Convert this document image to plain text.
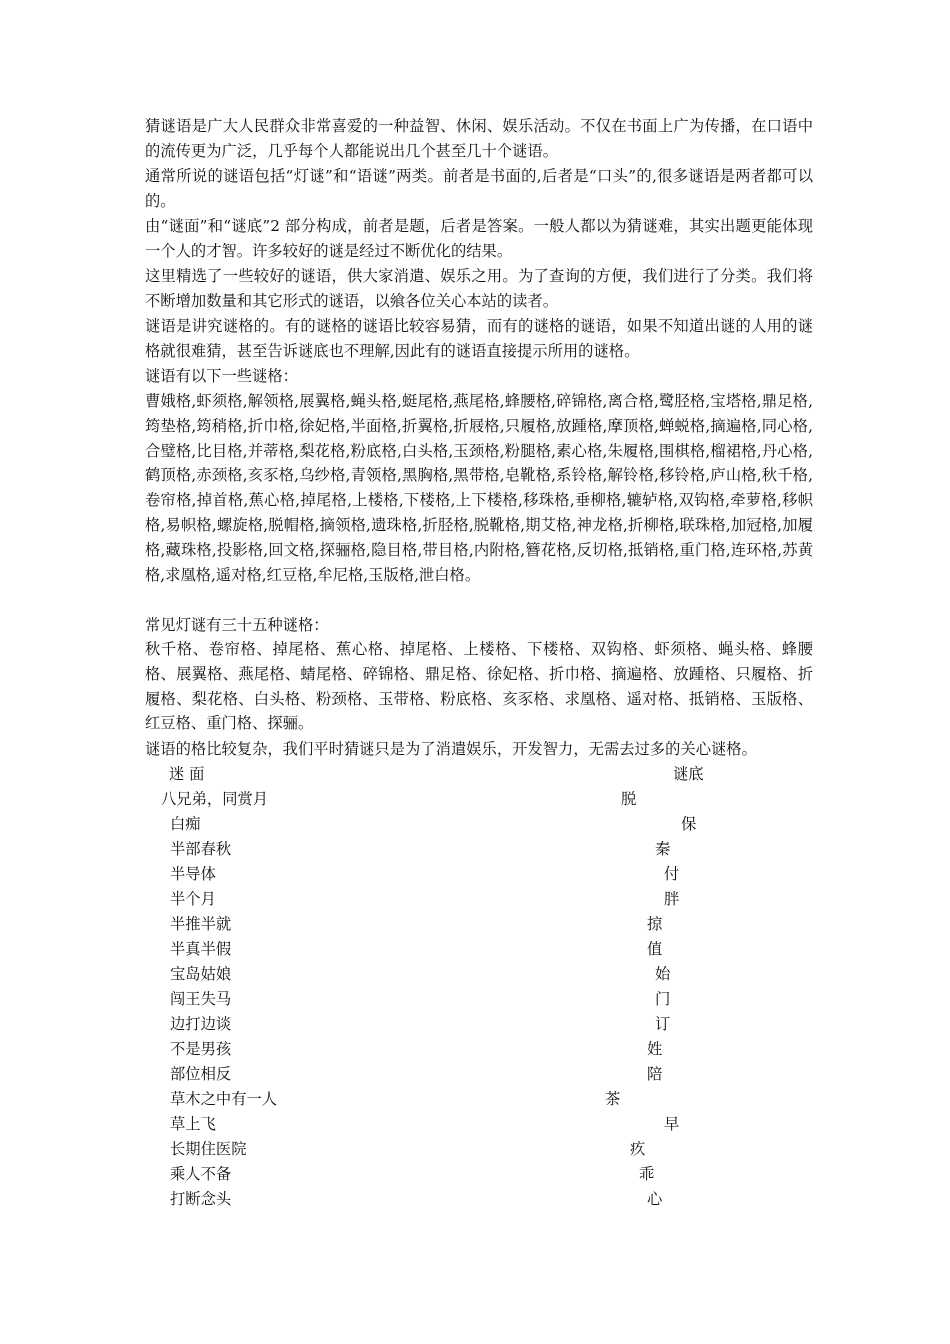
猜谜语是广大人民群众非常喜爱的一种益智、休闲、娱乐活动。不仅在书面上广为传播，在口语中的流传更为广泛，几乎每个人都能说出几个甚至几十个谜语。

通常所说的谜语包括“灯谜”和“语谜”两类。前者是书面的,后者是“口头”的,很多谜语是两者都可以的。

由“谜面”和“谜底”2 部分构成，前者是题，后者是答案。一般人都以为猜谜难，其实出题更能体现一个人的才智。许多较好的谜是经过不断优化的结果。

这里精选了一些较好的谜语，供大家消遣、娱乐之用。为了查询的方便，我们进行了分类。我们将不断增加数量和其它形式的谜语，以飨各位关心本站的读者。

谜语是讲究谜格的。有的谜格的谜语比较容易猜，而有的谜格的谜语，如果不知道出谜的人用的谜格就很难猜，甚至告诉谜底也不理解,因此有的谜语直接提示所用的谜格。

谜语有以下一些谜格：

曹娥格,虾须格,解领格,展翼格,蝇头格,蜓尾格,燕尾格,蜂腰格,碎锦格,离合格,鹭胫格,宝塔格,鼎足格,筠垫格,筠稍格,折巾格,徐妃格,半面格,折翼格,折屐格,只履格,放踵格,摩顶格,蝉蜕格,摘遍格,同心格,合璧格,比目格,并蒂格,梨花格,粉底格,白头格,玉颈格,粉腿格,素心格,朱履格,围棋格,榴裙格,丹心格,鹤顶格,赤颈格,亥豕格,乌纱格,青领格,黑胸格,黑带格,皂靴格,系铃格,解铃格,移铃格,庐山格,秋千格,卷帘格,掉首格,蕉心格,掉尾格,上楼格,下楼格,上下楼格,移珠格,垂柳格,辘轳格,双钩格,牵萝格,移帜格,易帜格,螺旋格,脱帽格,摘领格,遗珠格,折胫格,脱靴格,期艾格,神龙格,折柳格,联珠格,加冠格,加履格,藏珠格,投影格,回文格,探骊格,隐目格,带目格,内附格,簪花格,反切格,抵销格,重门格,连环格,苏黄格,求凰格,遥对格,红豆格,牟尼格,玉版格,泄白格。

常见灯谜有三十五种谜格：

秋千格、卷帘格、掉尾格、蕉心格、掉尾格、上楼格、下楼格、双钩格、虾须格、蝇头格、蜂腰格、展翼格、燕尾格、蜻尾格、碎锦格、鼎足格、徐妃格、折巾格、摘遍格、放踵格、只履格、折履格、梨花格、白头格、粉颈格、玉带格、粉底格、亥豕格、求凰格、遥对格、抵销格、玉版格、红豆格、重门格、探骊。

谜语的格比较复杂，我们平时猜谜只是为了消遣娱乐，开发智力，无需去过多的关心谜格。

迷 面	谜底
八兄弟，同赏月	脱
白痴	保
半部春秋	秦
半导体	付
半个月	胖
半推半就	掠
半真半假	值
宝岛姑娘	始
闯王失马	门
边打边谈	订
不是男孩	姓
部位相反	陪
草木之中有一人	茶
草上飞	早
长期住医院	疚
乘人不备	乖
打断念头	心
